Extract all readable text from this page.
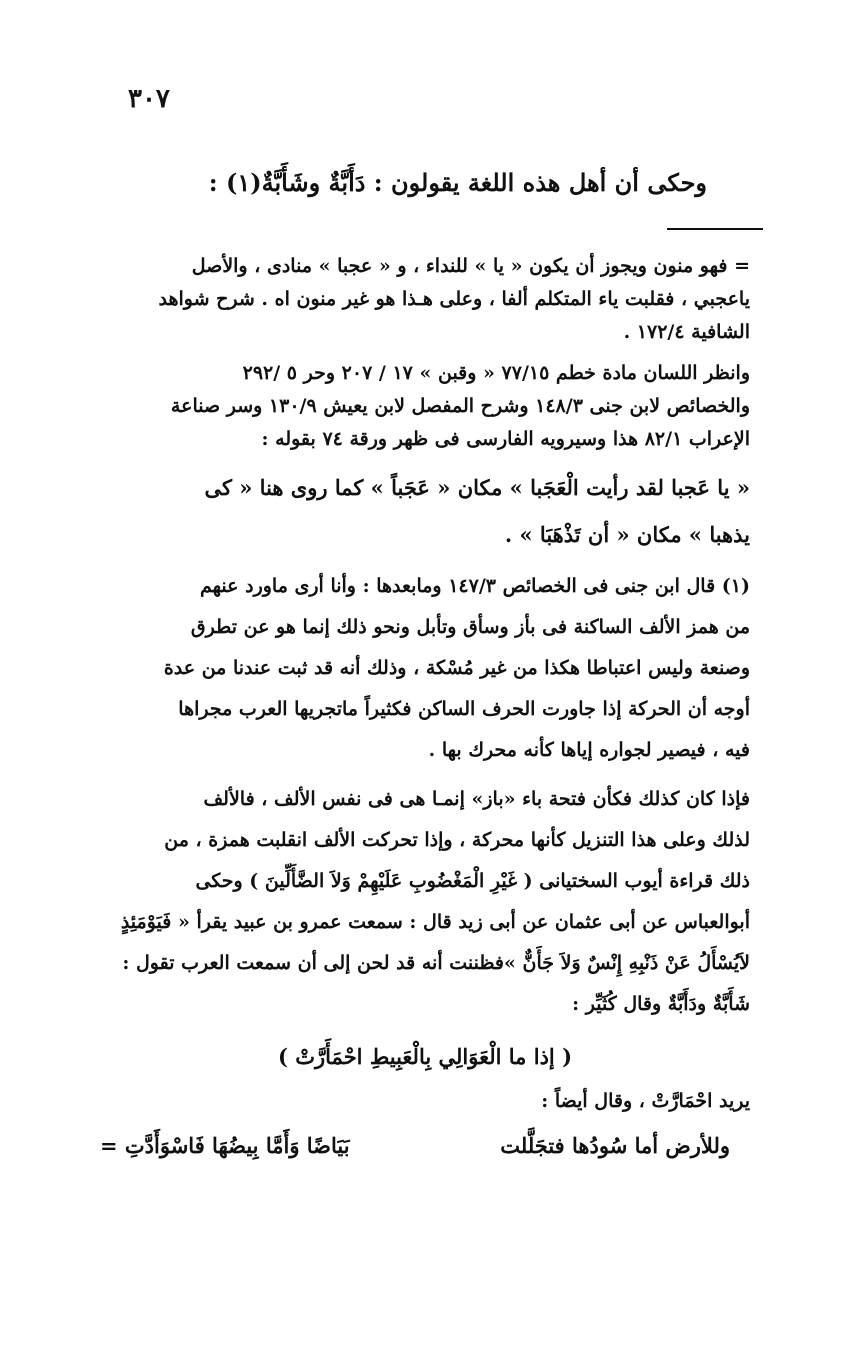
٣٠٧
وحكى أن أهل هذه اللغة يقولون : دَأَبَّةٌ وشَأَبَّةٌ(١) :

= فهو منون ويجوز أن يكون « يا » للنداء ، و « عجبا » منادى ، والأصل

ياعجبي ، فقلبت ياء المتكلم ألفا ، وعلى هـذا هو غير منون اه . شرح شواهد

الشافية ١٧٢/٤ .

وانظر اللسان مادة خطم ٧٧/١٥ « وقبن » ١٧ / ٢٠٧ وحر ٥ /٢٩٢

والخصائص لابن جنى ١٤٨/٣ وشرح المفصل لابن يعيش ١٣٠/٩ وسر صناعة

الإعراب ٨٢/١ هذا وسيرويه الفارسى فى ظهر ورقة ٧٤ بقوله :

« يا عَجبا لقد رأيت الْعَجَبا » مكان « عَجَباً » كما روى هنا « كى

يذهبا » مكان « أن تَذْهَبَا » .

(١) قال ابن جنى فى الخصائص ١٤٧/٣ ومابعدها : وأنا أرى ماورد عنهم

من همز الألف الساكنة فى بأز وسأق وتأبل ونحو ذلك إنما هو عن تطرق

وصنعة وليس اعتباطا هكذا من غير مُسْكة ، وذلك أنه قد ثبت عندنا من عدة

أوجه أن الحركة إذا جاورت الحرف الساكن فكثيراً ماتجريها العرب مجراها

فيه ، فيصير لجواره إياها كأنه محرك بها .

فإذا كان كذلك فكأن فتحة باء «باز» إنمـا هى فى نفس الألف ، فالألف

لذلك وعلى هذا التنزيل كأنها محركة ، وإذا تحركت الألف انقلبت همزة ، من

ذلك قراءة أيوب السختيانى ( غَيْرِ الْمَغْضُوبِ عَلَيْهِمْ وَلاَ الضَّأَلِّينَ ) وحكى

أبوالعباس عن أبى عثمان عن أبى زيد قال : سمعت عمرو بن عبيد يقرأ « فَيَوْمَئِذٍ

لاَيُسْأَلُ عَنْ ذَنْبِهِ إِنْسٌ وَلاَ جَأَنٌّ »فظننت أنه قد لحن إلى أن سمعت العرب تقول :

شَأَبَّةٌ ودَأَبَّةٌ وقال كُثَيِّر :

( إذا ما الْعَوَالِي بِالْعَبِيطِ احْمَأَرَّتْ )

يريد احْمَارَّتْ ، وقال أيضاً :

وللأرض أما سُودُها فتجَلَّلت
بَيَاضًا وَأَمَّا بِيضُهَا فَاسْوَأَدَّتِ =
